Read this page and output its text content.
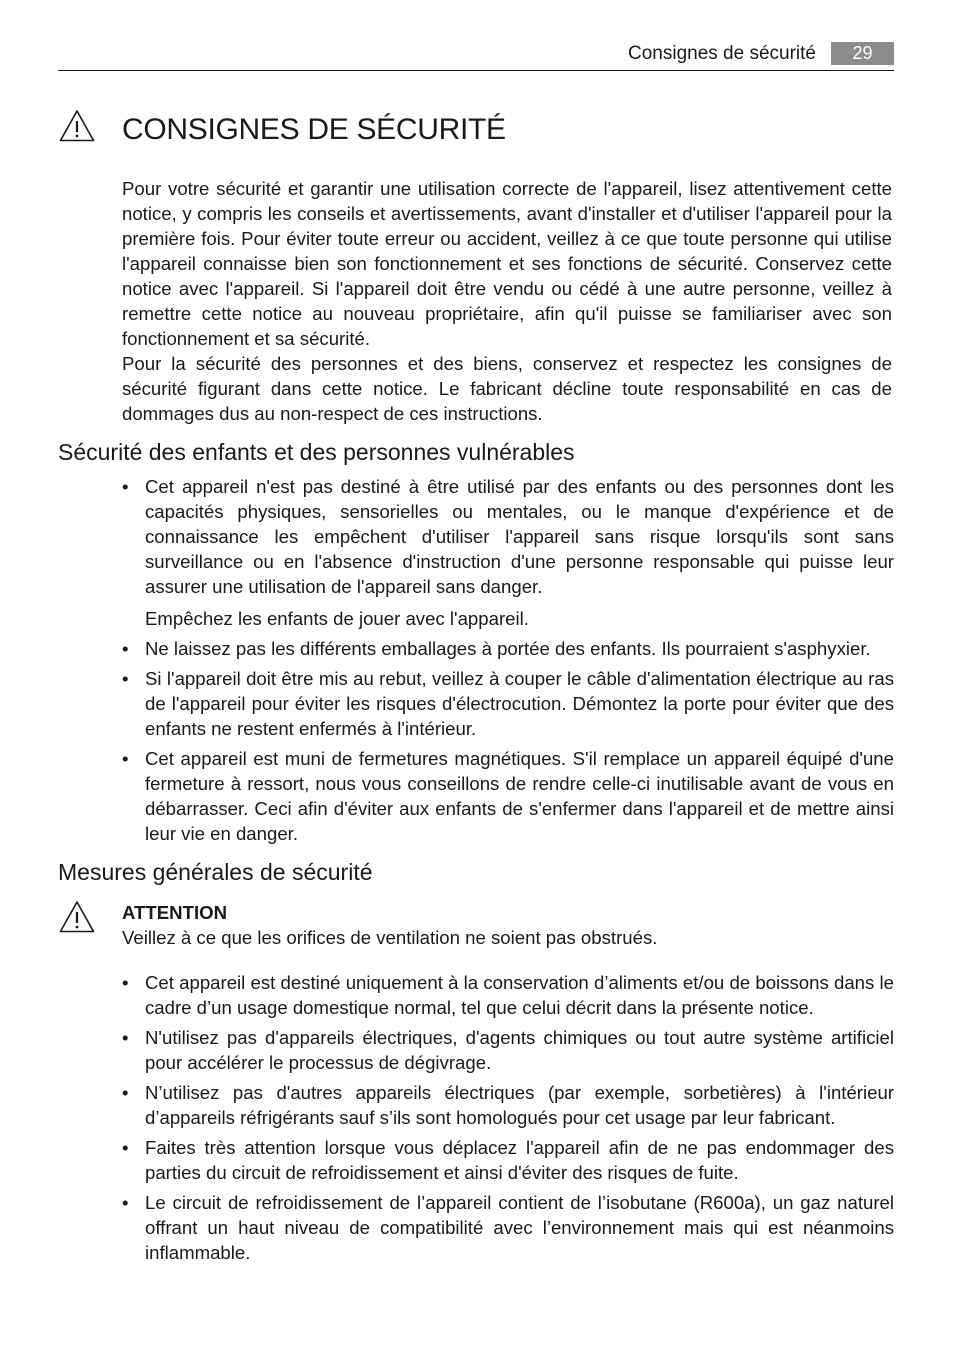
Consignes de sécurité	29
CONSIGNES DE SÉCURITÉ

Pour votre sécurité et garantir une utilisation correcte de l'appareil, lisez attentivement cette notice, y compris les conseils et avertissements, avant d'installer et d'utiliser l'appareil pour la première fois. Pour éviter toute erreur ou accident, veillez à ce que toute personne qui utilise l'appareil connaisse bien son fonctionnement et ses fonctions de sécurité. Conservez cette notice avec l'appareil. Si l'appareil doit être vendu ou cédé à une autre personne, veillez à remettre cette notice au nouveau propriétaire, afin qu'il puisse se familiariser avec son fonctionnement et sa sécurité.

Pour la sécurité des personnes et des biens, conservez et respectez les consignes de sécurité figurant dans cette notice. Le fabricant décline toute responsabilité en cas de dommages dus au non-respect de ces instructions.

Sécurité des enfants et des personnes vulnérables
• Cet appareil n'est pas destiné à être utilisé par des enfants ou des personnes dont les capacités physiques, sensorielles ou mentales, ou le manque d'expérience et de connaissance les empêchent d'utiliser l'appareil sans risque lorsqu'ils sont sans surveillance ou en l'absence d'instruction d'une personne responsable qui puisse leur assurer une utilisation de l'appareil sans danger.
Empêchez les enfants de jouer avec l'appareil.
• Ne laissez pas les différents emballages à portée des enfants. Ils pourraient s'asphyxier.
• Si l'appareil doit être mis au rebut, veillez à couper le câble d'alimentation électrique au ras de l'appareil pour éviter les risques d'électrocution. Démontez la porte pour éviter que des enfants ne restent enfermés à l'intérieur.
• Cet appareil est muni de fermetures magnétiques. S'il remplace un appareil équipé d'une fermeture à ressort, nous vous conseillons de rendre celle-ci inutilisable avant de vous en débarrasser. Ceci afin d'éviter aux enfants de s'enfermer dans l'appareil et de mettre ainsi leur vie en danger.
Mesures générales de sécurité
ATTENTION
Veillez à ce que les orifices de ventilation ne soient pas obstrués.
• Cet appareil est destiné uniquement à la conservation d’aliments et/ou de boissons dans le cadre d’un usage domestique normal, tel que celui décrit dans la présente notice.
• N'utilisez pas d'appareils électriques, d'agents chimiques ou tout autre système artificiel pour accélérer le processus de dégivrage.
• N’utilisez pas d'autres appareils électriques (par exemple, sorbetières) à l'intérieur d’appareils réfrigérants sauf s’ils sont homologués pour cet usage par leur fabricant.
• Faites très attention lorsque vous déplacez l'appareil afin de ne pas endommager des parties du circuit de refroidissement et ainsi d'éviter des risques de fuite.
• Le circuit de refroidissement de l’appareil contient de l’isobutane (R600a), un gaz naturel offrant un haut niveau de compatibilité avec l’environnement mais qui est néanmoins inflammable.
